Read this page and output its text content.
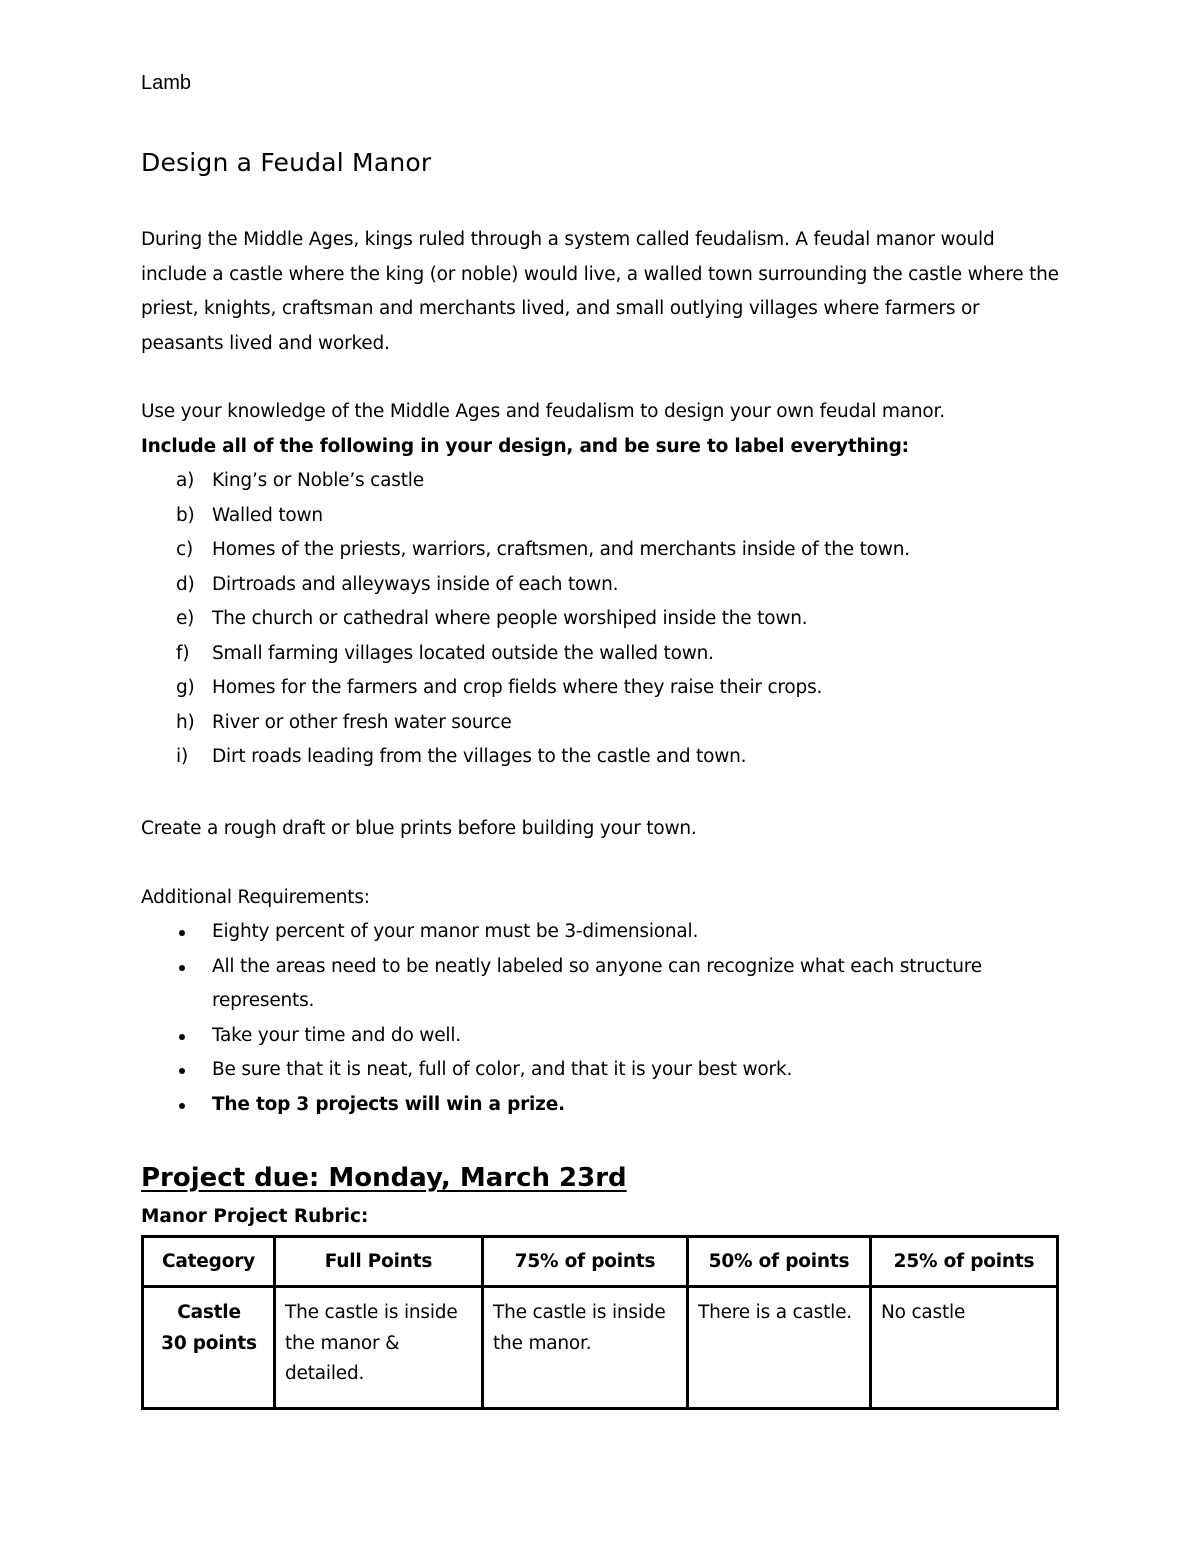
Lamb
Design a Feudal Manor

During the Middle Ages, kings ruled through a system called feudalism. A feudal manor would include a castle where the king (or noble) would live, a walled town surrounding the castle where the priest, knights, craftsman and merchants lived, and small outlying villages where farmers or peasants lived and worked.

Use your knowledge of the Middle Ages and feudalism to design your own feudal manor.

Include all of the following in your design, and be sure to label everything:

a) King’s or Noble’s castle
b) Walled town
c) Homes of the priests, warriors, craftsmen, and merchants inside of the town.
d) Dirtroads and alleyways inside of each town.
e) The church or cathedral where people worshiped inside the town.
f) Small farming villages located outside the walled town.
g) Homes for the farmers and crop fields where they raise their crops.
h) River or other fresh water source
i) Dirt roads leading from the villages to the castle and town.

Create a rough draft or blue prints before building your town.

Additional Requirements:

Eighty percent of your manor must be 3-dimensional.
All the areas need to be neatly labeled so anyone can recognize what each structure represents.
Take your time and do well.
Be sure that it is neat, full of color, and that it is your best work.
The top 3 projects will win a prize.
Project due: Monday, March 23rd
Manor Project Rubric:
Category	Full Points	75% of points	50% of points	25% of points

Castle
30 points	The castle is inside the manor & detailed.	The castle is inside the manor.	There is a castle.	No castle
